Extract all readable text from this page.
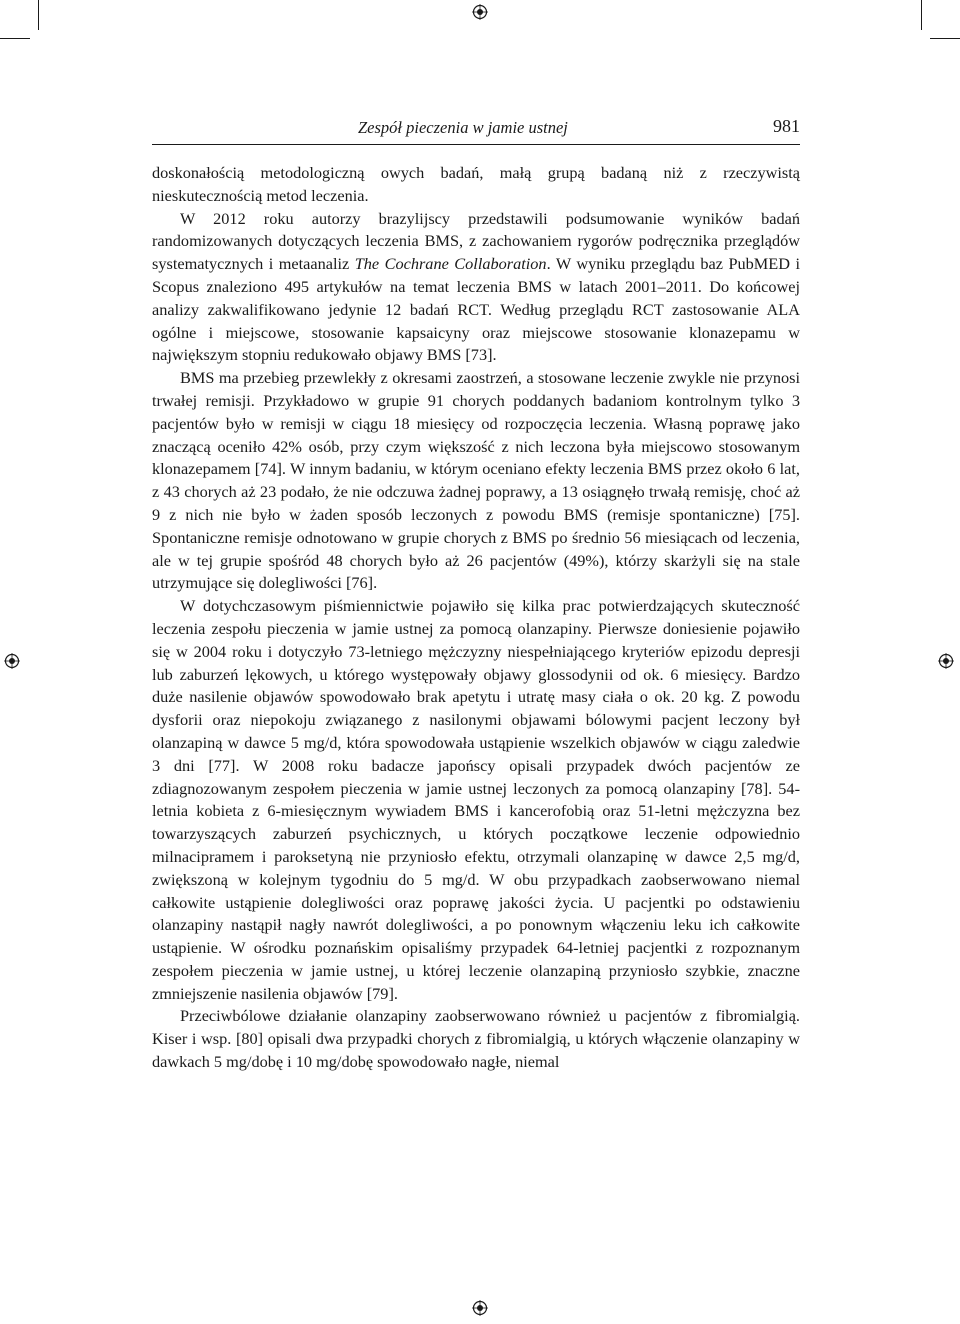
Zespół pieczenia w jamie ustnej	981

doskonałością metodologiczną owych badań, małą grupą badaną niż z rzeczywistą nieskutecznością metod leczenia.

W 2012 roku autorzy brazylijscy przedstawili podsumowanie wyników badań randomizowanych dotyczących leczenia BMS, z zachowaniem rygorów podręcznika przeglądów systematycznych i metaanaliz The Cochrane Collaboration. W wyniku przeglądu baz PubMED i Scopus znaleziono 495 artykułów na temat leczenia BMS w latach 2001–2011. Do końcowej analizy zakwalifikowano jedynie 12 badań RCT. Według przeglądu RCT zastosowanie ALA ogólne i miejscowe, stosowanie kapsaicyny oraz miejscowe stosowanie klonazepamu w największym stopniu redukowało objawy BMS [73].

BMS ma przebieg przewlekły z okresami zaostrzeń, a stosowane leczenie zwykle nie przynosi trwałej remisji. Przykładowo w grupie 91 chorych poddanych badaniom kontrolnym tylko 3 pacjentów było w remisji w ciągu 18 miesięcy od rozpoczęcia leczenia. Własną poprawę jako znaczącą oceniło 42% osób, przy czym większość z nich leczona była miejscowo stosowanym klonazepamem [74]. W innym badaniu, w którym oceniano efekty leczenia BMS przez około 6 lat, z 43 chorych aż 23 podało, że nie odczuwa żadnej poprawy, a 13 osiągnęło trwałą remisję, choć aż 9 z nich nie było w żaden sposób leczonych z powodu BMS (remisje spontaniczne) [75]. Spontaniczne remisje odnotowano w grupie chorych z BMS po średnio 56 miesiącach od leczenia, ale w tej grupie spośród 48 chorych było aż 26 pacjentów (49%), którzy skarżyli się na stale utrzymujące się dolegliwości [76].

W dotychczasowym piśmiennictwie pojawiło się kilka prac potwierdzających skuteczność leczenia zespołu pieczenia w jamie ustnej za pomocą olanzapiny. Pierwsze doniesienie pojawiło się w 2004 roku i dotyczyło 73-letniego mężczyzny niespełniającego kryteriów epizodu depresji lub zaburzeń lękowych, u którego występowały objawy glossodynii od ok. 6 miesięcy. Bardzo duże nasilenie objawów spowodowało brak apetytu i utratę masy ciała o ok. 20 kg. Z powodu dysforii oraz niepokoju związanego z nasilonymi objawami bólowymi pacjent leczony był olanzapiną w dawce 5 mg/d, która spowodowała ustąpienie wszelkich objawów w ciągu zaledwie 3 dni [77]. W 2008 roku badacze japońscy opisali przypadek dwóch pacjentów ze zdiagnozowanym zespołem pieczenia w jamie ustnej leczonych za pomocą olanzapiny [78]. 54-letnia kobieta z 6-miesięcznym wywiadem BMS i kancerofobią oraz 51-letni mężczyzna bez towarzyszących zaburzeń psychicznych, u których początkowe leczenie odpowiednio milnacipramem i paroksetyną nie przyniosło efektu, otrzymali olanzapinę w dawce 2,5 mg/d, zwiększoną w kolejnym tygodniu do 5 mg/d. W obu przypadkach zaobserwowano niemal całkowite ustąpienie dolegliwości oraz poprawę jakości życia. U pacjentki po odstawieniu olanzapiny nastąpił nagły nawrót dolegliwości, a po ponownym włączeniu leku ich całkowite ustąpienie. W ośrodku poznańskim opisaliśmy przypadek 64-letniej pacjentki z rozpoznanym zespołem pieczenia w jamie ustnej, u której leczenie olanzapiną przyniosło szybkie, znaczne zmniejszenie nasilenia objawów [79].

Przeciwbólowe działanie olanzapiny zaobserwowano również u pacjentów z fibromialgią. Kiser i wsp. [80] opisali dwa przypadki chorych z fibromialgią, u których włączenie olanzapiny w dawkach 5 mg/dobę i 10 mg/dobę spowodowało nagłe, niemal
